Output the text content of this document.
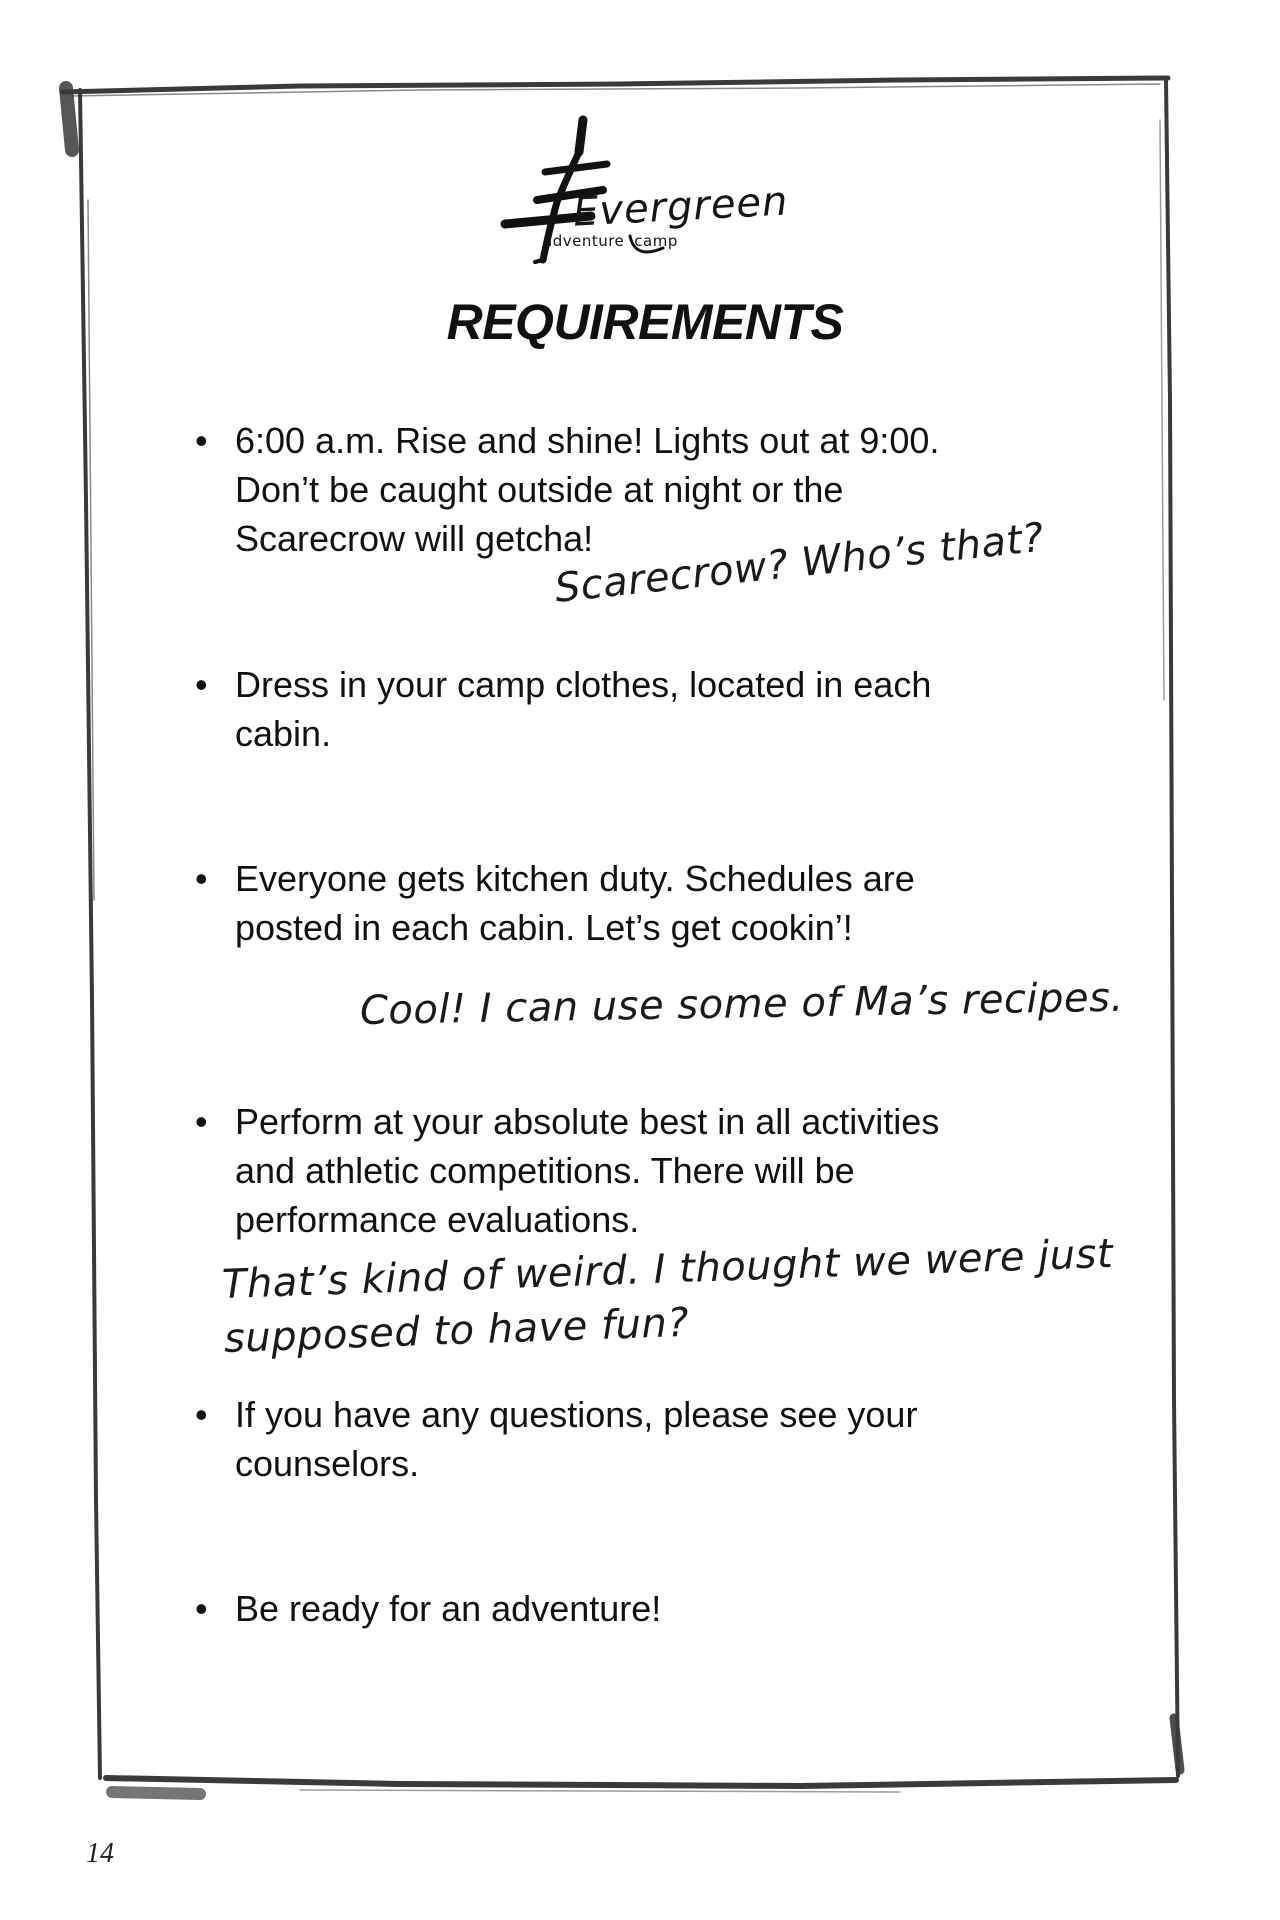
Evergreen
adventure camp
REQUIREMENTS
• 6:00 a.m. Rise and shine! Lights out at 9:00.
Don’t be caught outside at night or the
Scarecrow will getcha!
Scarecrow? Who’s that?
• Dress in your camp clothes, located in each
cabin.
• Everyone gets kitchen duty. Schedules are
posted in each cabin. Let’s get cookin’!
Cool! I can use some of Ma’s recipes.
• Perform at your absolute best in all activities
and athletic competitions. There will be
performance evaluations.
That’s kind of weird. I thought we were just
supposed to have fun?
• If you have any questions, please see your
counselors.
• Be ready for an adventure!
14
